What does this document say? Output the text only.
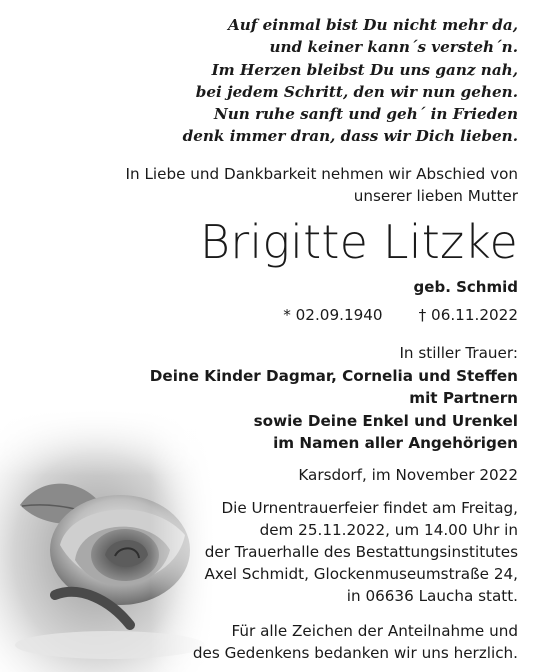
Auf einmal bist Du nicht mehr da,
und keiner kann´s versteh´n.
Im Herzen bleibst Du uns ganz nah,
bei jedem Schritt, den wir nun gehen.
Nun ruhe sanft und geh´ in Frieden
denk immer dran, dass wir Dich lieben.
In Liebe und Dankbarkeit nehmen wir Abschied von
unserer lieben Mutter
Brigitte Litzke
geb. Schmid
* 02.09.1940 † 06.11.2022
In stiller Trauer:
Deine Kinder Dagmar, Cornelia und Steffen
mit Partnern
sowie Deine Enkel und Urenkel
im Namen aller Angehörigen
Karsdorf, im November 2022
Die Urnentrauerfeier findet am Freitag,
dem 25.11.2022, um 14.00 Uhr in
der Trauerhalle des Bestattungsinstitutes
Axel Schmidt, Glockenmuseumstraße 24,
in 06636 Laucha statt.
Für alle Zeichen der Anteilnahme und
des Gedenkens bedanken wir uns herzlich.
